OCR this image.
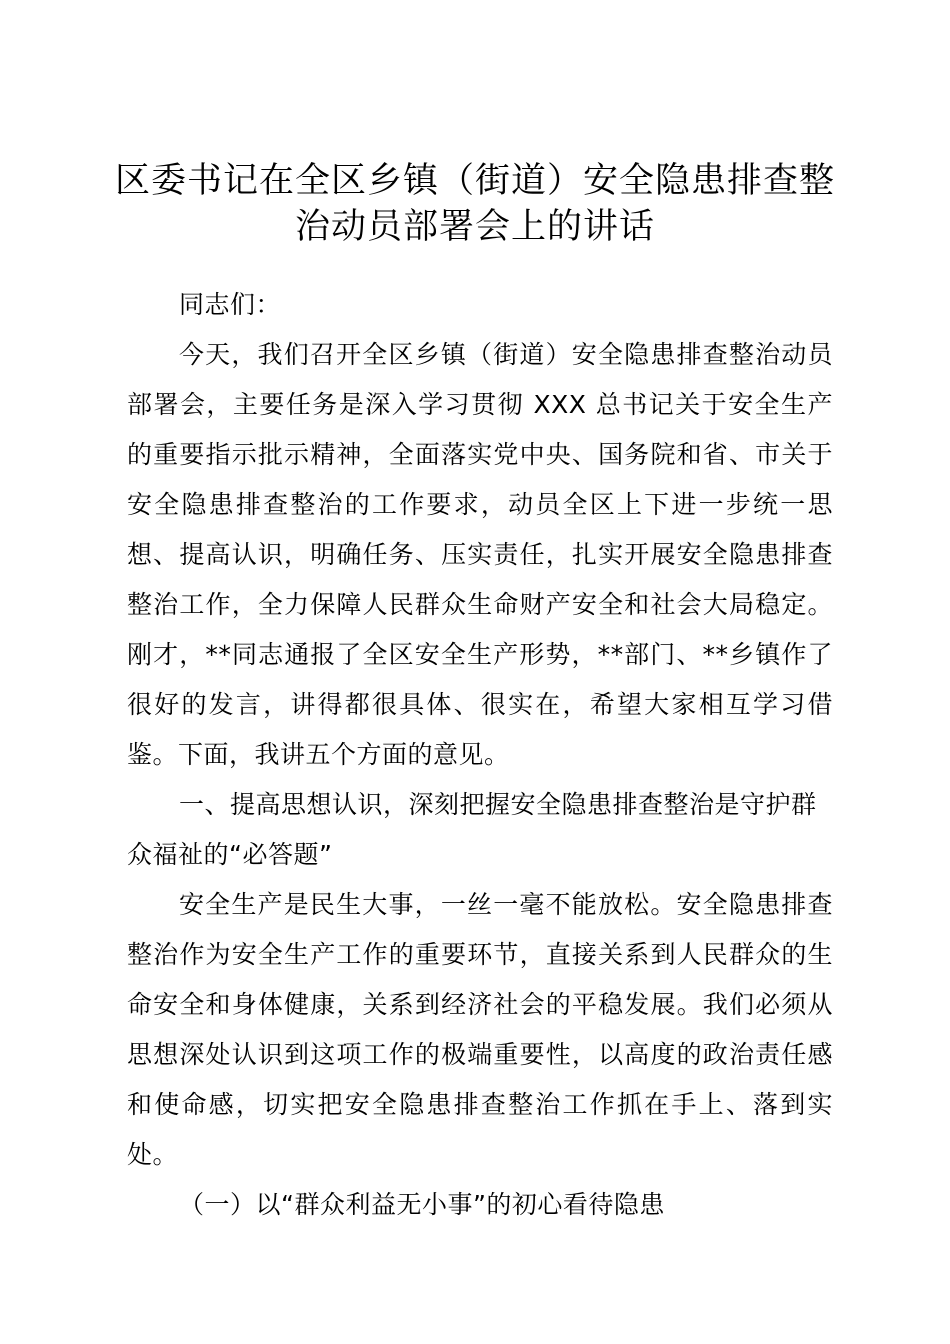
区委书记在全区乡镇（街道）安全隐患排查整
治动员部署会上的讲话

同志们：

今天，我们召开全区乡镇（街道）安全隐患排查整治动员部署会，主要任务是深入学习贯彻 XXX 总书记关于安全生产的重要指示批示精神，全面落实党中央、国务院和省、市关于安全隐患排查整治的工作要求，动员全区上下进一步统一思想、提高认识，明确任务、压实责任，扎实开展安全隐患排查整治工作，全力保障人民群众生命财产安全和社会大局稳定。刚才，**同志通报了全区安全生产形势，**部门、**乡镇作了很好的发言，讲得都很具体、很实在，希望大家相互学习借鉴。下面，我讲五个方面的意见。

一、提高思想认识，深刻把握安全隐患排查整治是守护群众福祉的“必答题”

安全生产是民生大事，一丝一毫不能放松。安全隐患排查整治作为安全生产工作的重要环节，直接关系到人民群众的生命安全和身体健康，关系到经济社会的平稳发展。我们必须从思想深处认识到这项工作的极端重要性，以高度的政治责任感和使命感，切实把安全隐患排查整治工作抓在手上、落到实处。

（一）以“群众利益无小事”的初心看待隐患
